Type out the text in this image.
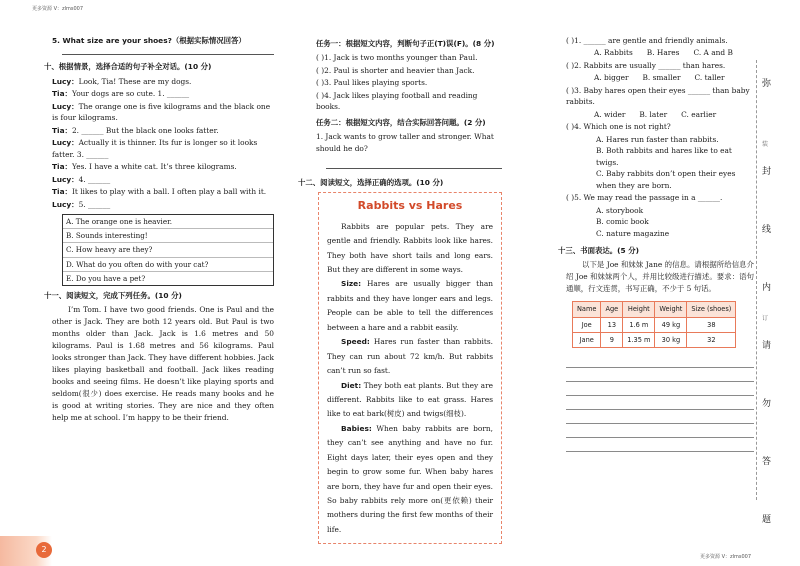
更多资源 V：zlms007
更多资源 V：zlms007
2

5. What size are your shoes?（根据实际情况回答）

十、根据情景，选择合适的句子补全对话。(10 分)

Lucy：Look, Tia! These are my dogs.

Tia：Your dogs are so cute. 1. ______

Lucy：The orange one is five kilograms and the black one is four kilograms.

Tia：2. ______ But the black one looks fatter.

Lucy：Actually it is thinner. Its fur is longer so it looks fatter. 3. ______

Tia：Yes. I have a white cat. It’s three kilograms.

Lucy：4. ______

Tia：It likes to play with a ball. I often play a ball with it.

Lucy：5. ______

A. The orange one is heavier.
B. Sounds interesting!
C. How heavy are they?
D. What do you often do with your cat?
E. Do you have a pet?
十一、阅读短文，完成下列任务。(10 分)

I’m Tom. I have two good friends. One is Paul and the other is Jack. They are both 12 years old. But Paul is two months older than Jack. Jack is 1.6 metres and 50 kilograms. Paul is 1.68 metres and 56 kilograms. Paul looks stronger than Jack. They have different hobbies. Jack likes playing basketball and football. Jack likes reading books and seeing films. He doesn’t like playing sports and seldom(很少) does exercise. He reads many books and he is good at writing stories. They are nice and they often help me at school. I’m happy to be their friend.

任务一：根据短文内容，判断句子正(T)误(F)。(8 分)

( )1. Jack is two months younger than Paul.

( )2. Paul is shorter and heavier than Jack.

( )3. Paul likes playing sports.

( )4. Jack likes playing football and reading books.

任务二：根据短文内容，结合实际回答问题。(2 分)

1. Jack wants to grow taller and stronger. What should he do?

十二、阅读短文，选择正确的选项。(10 分)
Rabbits vs Hares

Rabbits are popular pets. They are gentle and friendly. Rabbits look like hares. They both have short tails and long ears. But they are different in some ways.

Size: Hares are usually bigger than rabbits and they have longer ears and legs. People can be able to tell the differences between a hare and a rabbit easily.

Speed: Hares run faster than rabbits. They can run about 72 km/h. But rabbits can’t run so fast.

Diet: They both eat plants. But they are different. Rabbits like to eat grass. Hares like to eat bark(树皮) and twigs(细枝).

Babies: When baby rabbits are born, they can’t see anything and have no fur. Eight days later, their eyes open and they begin to grow some fur. When baby hares are born, they have fur and open their eyes. So baby rabbits rely more on(更依赖) their mothers during the first few months of their life.

( )1. ______ are gentle and friendly animals.

A. Rabbits B. Hares C. A and B

( )2. Rabbits are usually ______ than hares.

A. bigger B. smaller C. taller

( )3. Baby hares open their eyes ______ than baby rabbits.

A. wider B. later C. earlier

( )4. Which one is not right?

A. Hares run faster than rabbits.

B. Both rabbits and hares like to eat twigs.

C. Baby rabbits don’t open their eyes when they are born.

( )5. We may read the passage in a ______.

A. storybook

B. comic book

C. nature magazine

十三、书面表达。(5 分)

以下是 Joe 和妹妹 Jane 的信息。请根据所给信息介绍 Joe 和妹妹两个人，并用比较级进行描述。要求：语句通顺，行文连贯，书写正确，不少于 5 句话。

Name	Age	Height	Weight	Size (shoes)
Joe	13	1.6 m	49 kg	38
Jane	9	1.35 m	30 kg	32
弥
装
封
线
内
订
请
勿
答
题
